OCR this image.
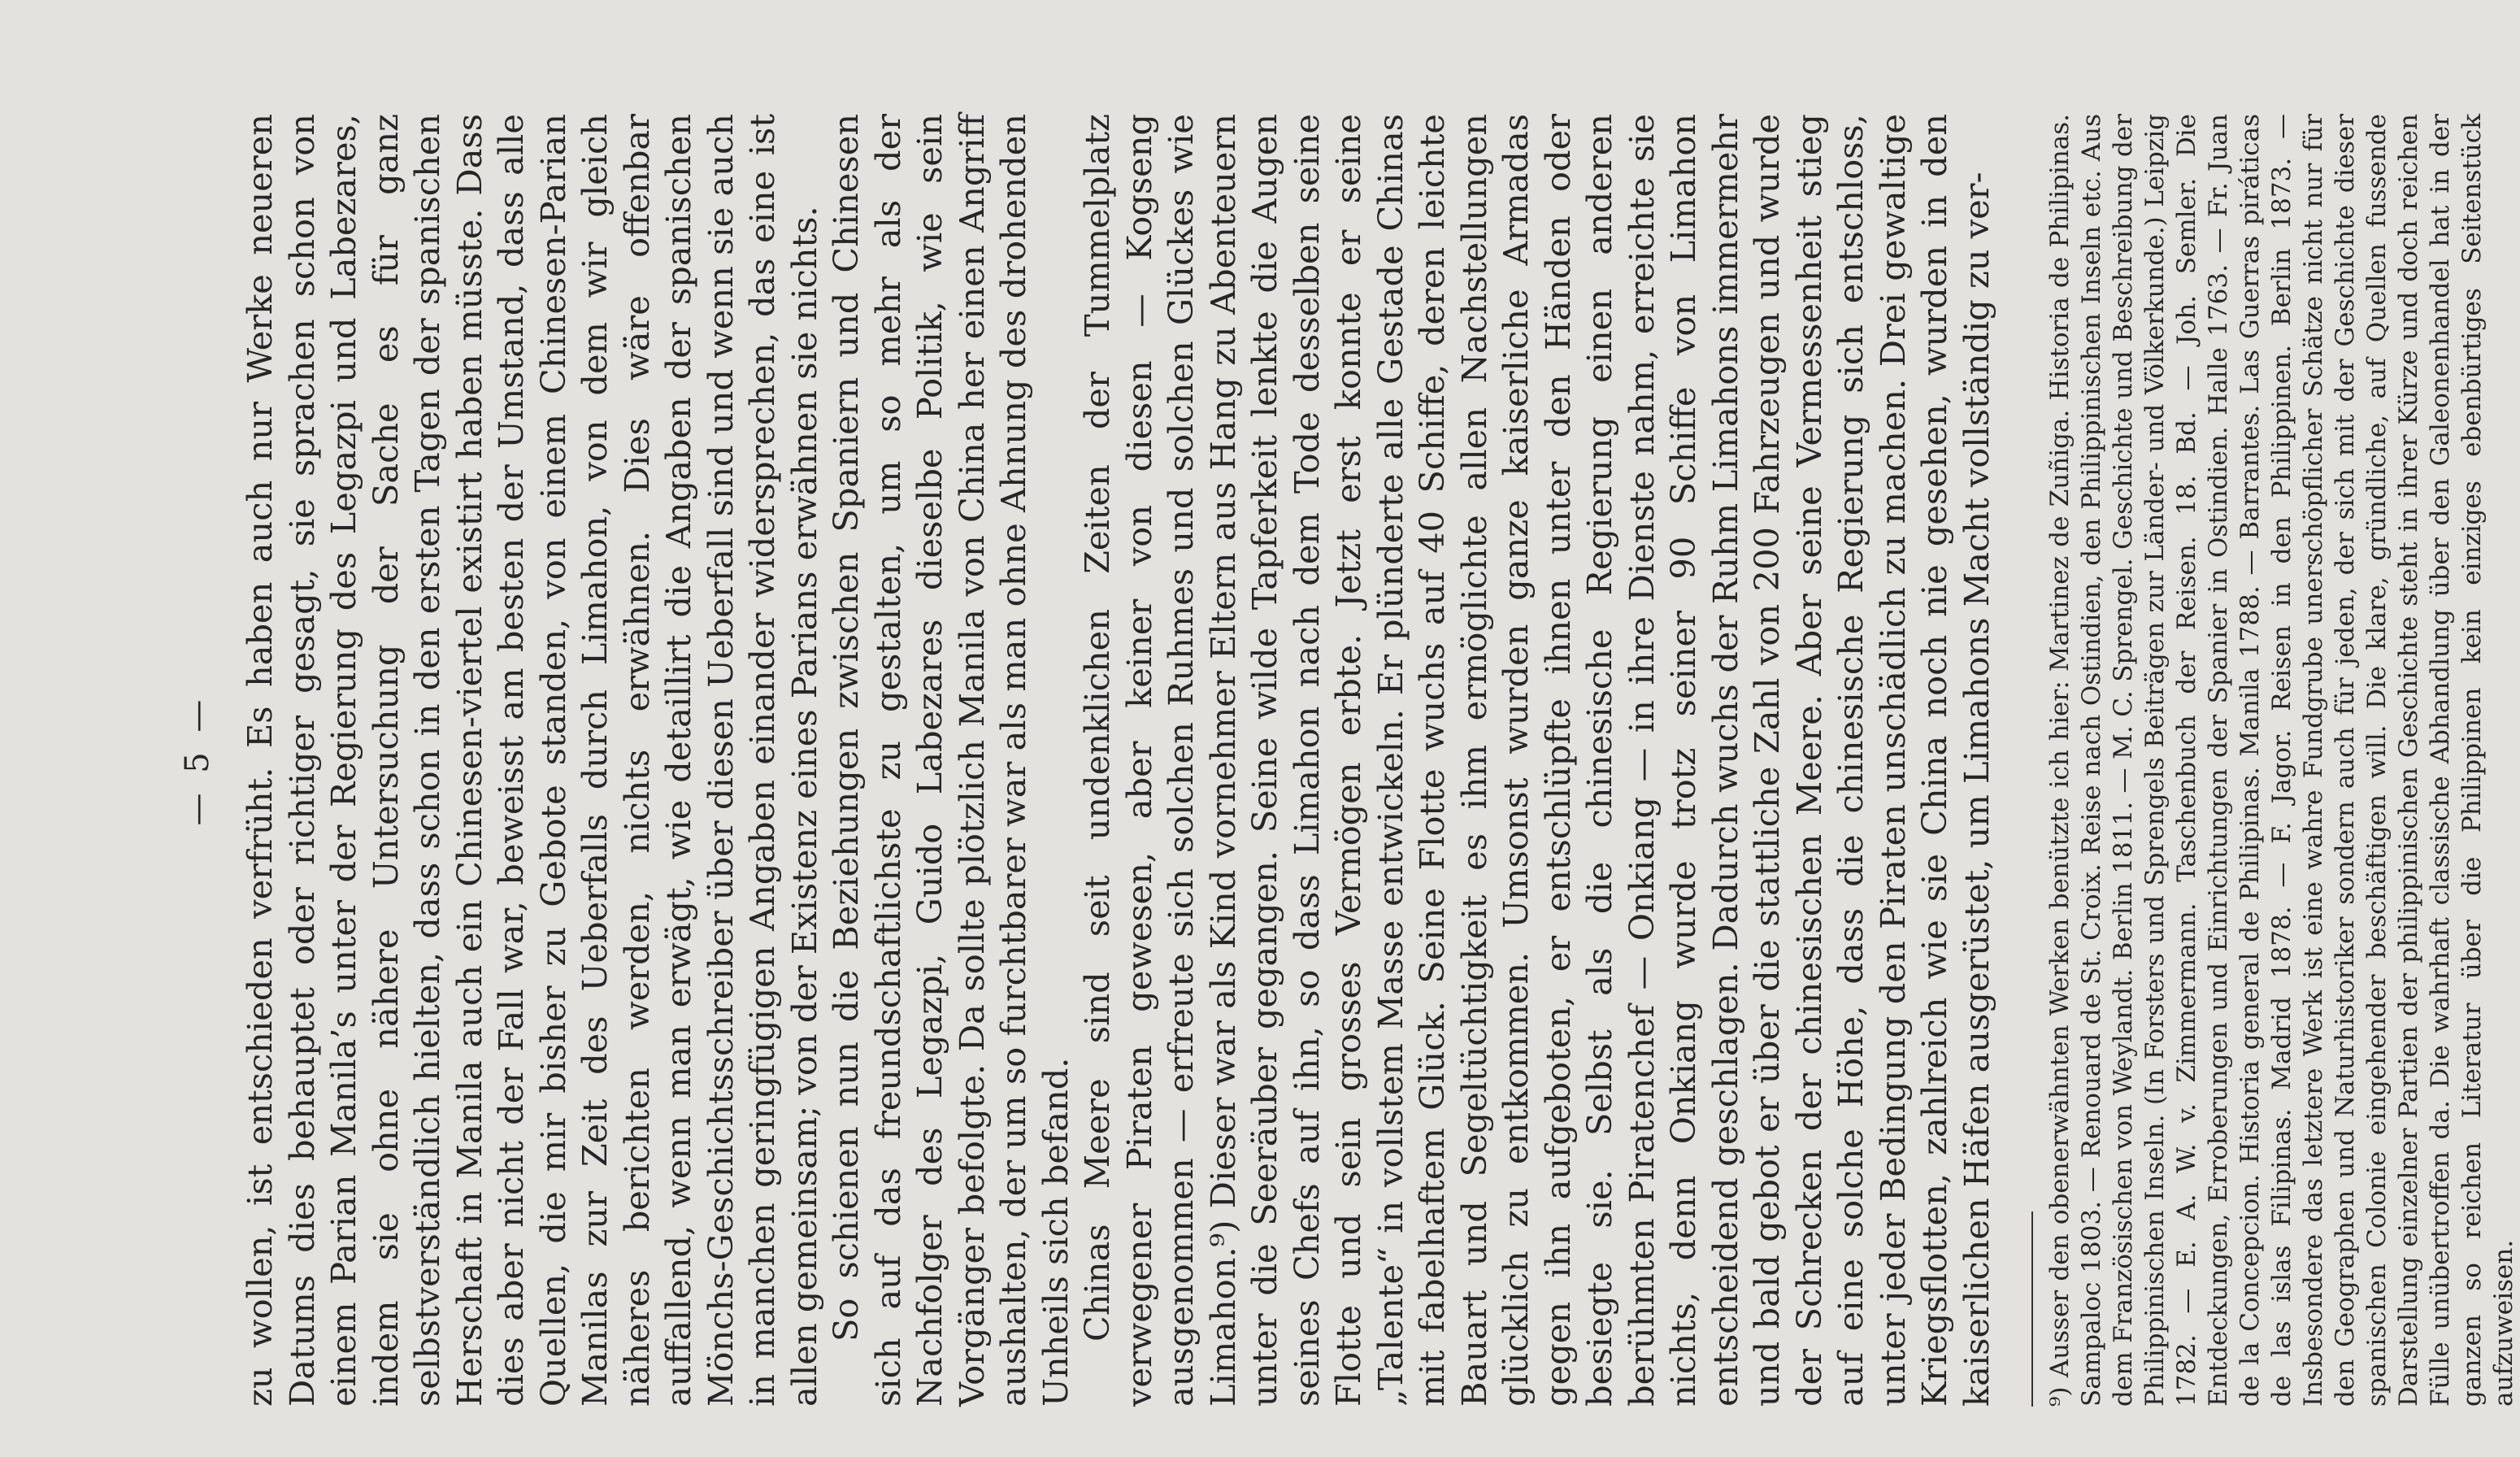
— 5 — zu wollen, ist entschieden verfrüht. Es haben auch nur Werke neueren Datums dies behauptet oder richtiger gesagt, sie sprachen schon von einem Parian Manila’s unter der Regierung des Legazpi und Labezares, indem sie ohne nähere Untersuchung der Sache es für ganz selbstverständlich hielten, dass schon in den ersten Tagen der spanischen Herschaft in Manila auch ein Chinesen-viertel existirt haben müsste. Dass dies aber nicht der Fall war, beweisst am besten der Umstand, dass alle Quellen, die mir bisher zu Gebote standen, von einem Chinesen-Parian Manilas zur Zeit des Ueberfalls durch Limahon, von dem wir gleich näheres berichten werden, nichts erwähnen. Dies wäre offenbar auffallend, wenn man erwägt, wie detaillirt die Angaben der spanischen Mönchs-Geschichtsschreiber über diesen Ueberfall sind und wenn sie auch in manchen geringfügigen Angaben einander widersprechen, das eine ist allen gemeinsam; von der Existenz eines Parians erwähnen sie nichts. So schienen nun die Beziehungen zwischen Spaniern und Chinesen sich auf das freundschaftlichste zu gestalten, um so mehr als der Nachfolger des Legazpi, Guido Labezares dieselbe Politik, wie sein Vorgänger befolgte. Da sollte plötzlich Manila von China her einen Angriff aushalten, der um so furchtbarer war als man ohne Ahnung des drohenden Unheils sich befand. Chinas Meere sind seit undenklichen Zeiten der Tummelplatz verwegener Piraten gewesen, aber keiner von diesen — Kogseng ausgenommen — erfreute sich solchen Ruhmes und solchen Glückes wie Limahon.⁹) Dieser war als Kind vornehmer Eltern aus Hang zu Abenteuern unter die Seeräuber gegangen. Seine wilde Tapferkeit lenkte die Augen seines Chefs auf ihn, so dass Limahon nach dem Tode desselben seine Flotte und sein grosses Vermögen erbte. Jetzt erst konnte er seine „Talente“ in vollstem Masse entwickeln. Er plünderte alle Gestade Chinas mit fabelhaftem Glück. Seine Flotte wuchs auf 40 Schiffe, deren leichte Bauart und Segeltüchtigkeit es ihm ermöglichte allen Nachstellungen glücklich zu entkommen. Umsonst wurden ganze kaiserliche Armadas gegen ihn aufgeboten, er entschlüpfte ihnen unter den Händen oder besiegte sie. Selbst als die chinesische Regierung einen anderen berühmten Piratenchef — Onkiang — in ihre Dienste nahm, erreichte sie nichts, denn Onkiang wurde trotz seiner 90 Schiffe von Limahon entscheidend geschlagen. Dadurch wuchs der Ruhm Limahons immermehr und bald gebot er über die stattliche Zahl von 200 Fahrzeugen und wurde der Schrecken der chinesischen Meere. Aber seine Vermessenheit stieg auf eine solche Höhe, dass die chinesische Regierung sich entschloss, unter jeder Bedingung den Piraten unschädlich zu machen. Drei gewaltige Kriegsflotten, zahlreich wie sie China noch nie gesehen, wurden in den kaiserlichen Häfen ausgerüstet, um Limahons Macht vollständig zu ver- ⁹) Ausser den obenerwähnten Werken benützte ich hier: Martinez de Zuñiga. Historia de Philipinas. Sampaloc 1803. — Renouard de St. Croix. Reise nach Ostindien, den Philippinischen Inseln etc. Aus dem Französischen von Weylandt. Berlin 1811. — M. C. Sprengel. Geschichte und Beschreibung der Philippinischen Inseln. (In Forsters und Sprengels Beiträgen zur Länder- und Völkerkunde.) Leipzig 1782. — E. A. W. v. Zimmermann. Taschenbuch der Reisen. 18. Bd. — Joh. Semler. Die Entdeckungen, Erroberungen und Einrichtungen der Spanier in Ostindien. Halle 1763. — Fr. Juan de la Concepcion. Historia general de Philipinas. Manila 1788. — Barrantes. Las Guerras piráticas de las islas Filipinas. Madrid 1878. — F. Jagor. Reisen in den Philippinen. Berlin 1873. — Insbesondere das letztere Werk ist eine wahre Fundgrube unerschöpflicher Schätze nicht nur für den Geographen und Naturhistoriker sondern auch für jeden, der sich mit der Geschichte dieser spanischen Colonie eingehender beschäftigen will. Die klare, gründliche, auf Quellen fussende Darstellung einzelner Partien der philippinischen Geschichte steht in ihrer Kürze und doch reichen Fülle unübertroffen da. Die wahrhaft classische Abhandlung über den Galeonenhandel hat in der ganzen so reichen Literatur über die Philippinen kein einziges ebenbürtiges Seitenstück aufzuweisen.
